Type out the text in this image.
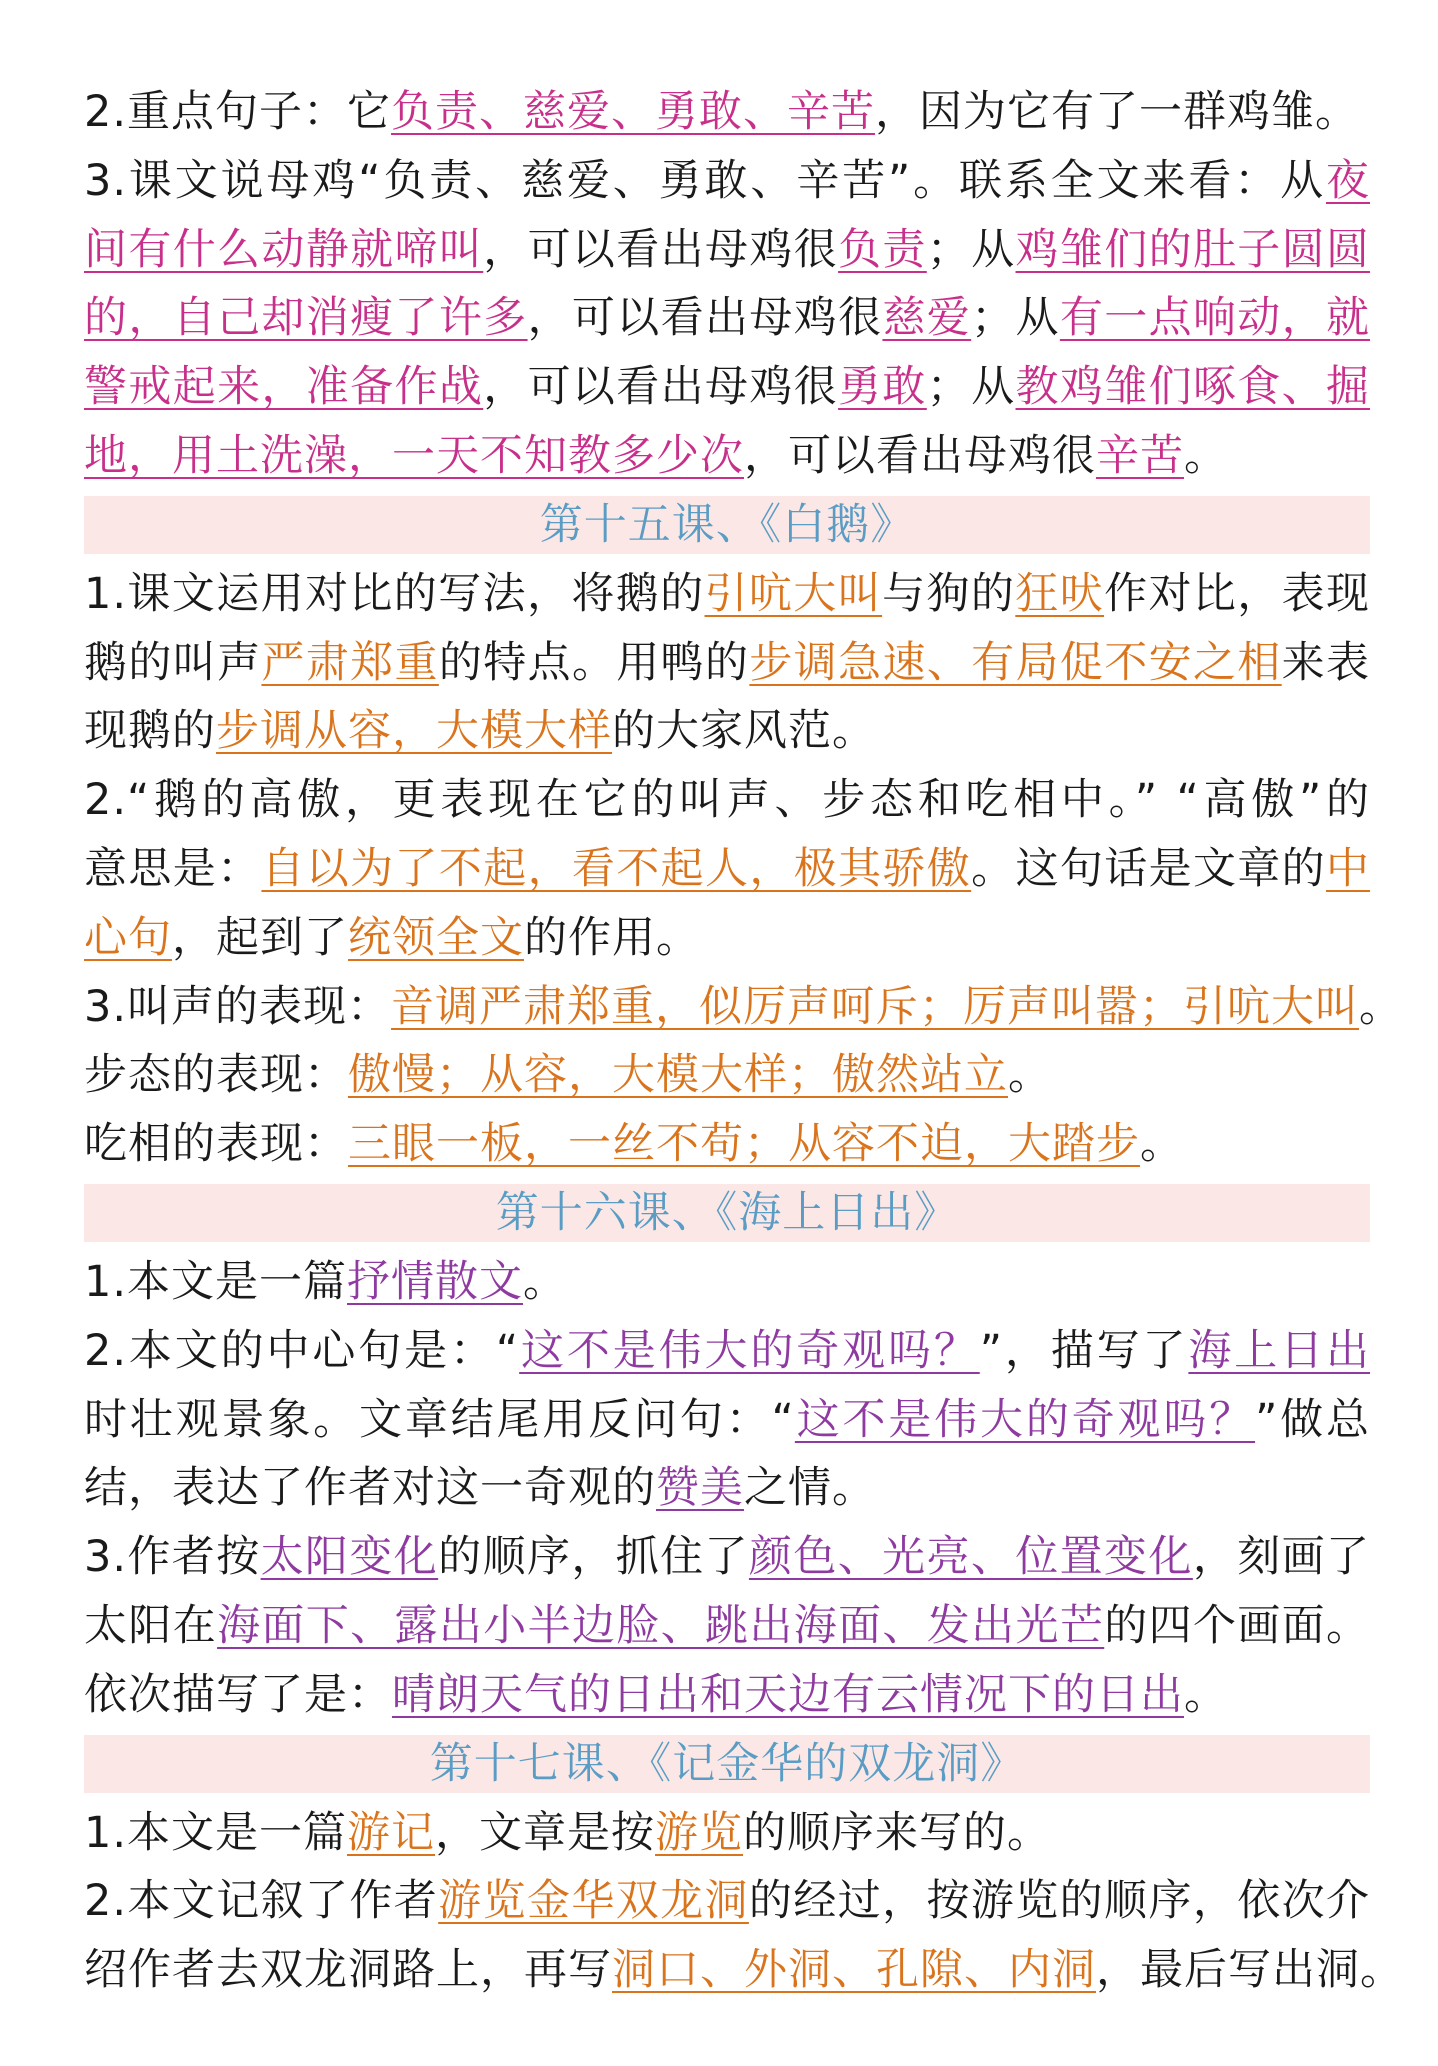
2.重点句子：它负责、慈爱、勇敢、辛苦，因为它有了一群鸡雏。
3.课文说母鸡“负责、慈爱、勇敢、辛苦”。联系全文来看：从夜
间有什么动静就啼叫，可以看出母鸡很负责；从鸡雏们的肚子圆圆
的，自己却消瘦了许多，可以看出母鸡很慈爱；从有一点响动，就
警戒起来，准备作战，可以看出母鸡很勇敢；从教鸡雏们啄食、掘
地，用土洗澡，一天不知教多少次，可以看出母鸡很辛苦。
第十五课、《白鹅》
1.课文运用对比的写法，将鹅的引吭大叫与狗的狂吠作对比，表现
鹅的叫声严肃郑重的特点。用鸭的步调急速、有局促不安之相来表
现鹅的步调从容，大模大样的大家风范。
2.“鹅的高傲，更表现在它的叫声、步态和吃相中。” “高傲”的
意思是：自以为了不起，看不起人，极其骄傲。这句话是文章的中
心句，起到了统领全文的作用。
3.叫声的表现：音调严肃郑重，似厉声呵斥；厉声叫嚣；引吭大叫。
步态的表现：傲慢；从容，大模大样；傲然站立。
吃相的表现：三眼一板，一丝不苟；从容不迫，大踏步。
第十六课、《海上日出》
1.本文是一篇抒情散文。
2.本文的中心句是：“这不是伟大的奇观吗？”，描写了海上日出
时壮观景象。文章结尾用反问句：“这不是伟大的奇观吗？”做总
结，表达了作者对这一奇观的赞美之情。
3.作者按太阳变化的顺序，抓住了颜色、光亮、位置变化，刻画了
太阳在海面下、露出小半边脸、跳出海面、发出光芒的四个画面。
依次描写了是：晴朗天气的日出和天边有云情况下的日出。
第十七课、《记金华的双龙洞》
1.本文是一篇游记，文章是按游览的顺序来写的。
2.本文记叙了作者游览金华双龙洞的经过，按游览的顺序，依次介
绍作者去双龙洞路上，再写洞口、外洞、孔隙、内洞，最后写出洞。
